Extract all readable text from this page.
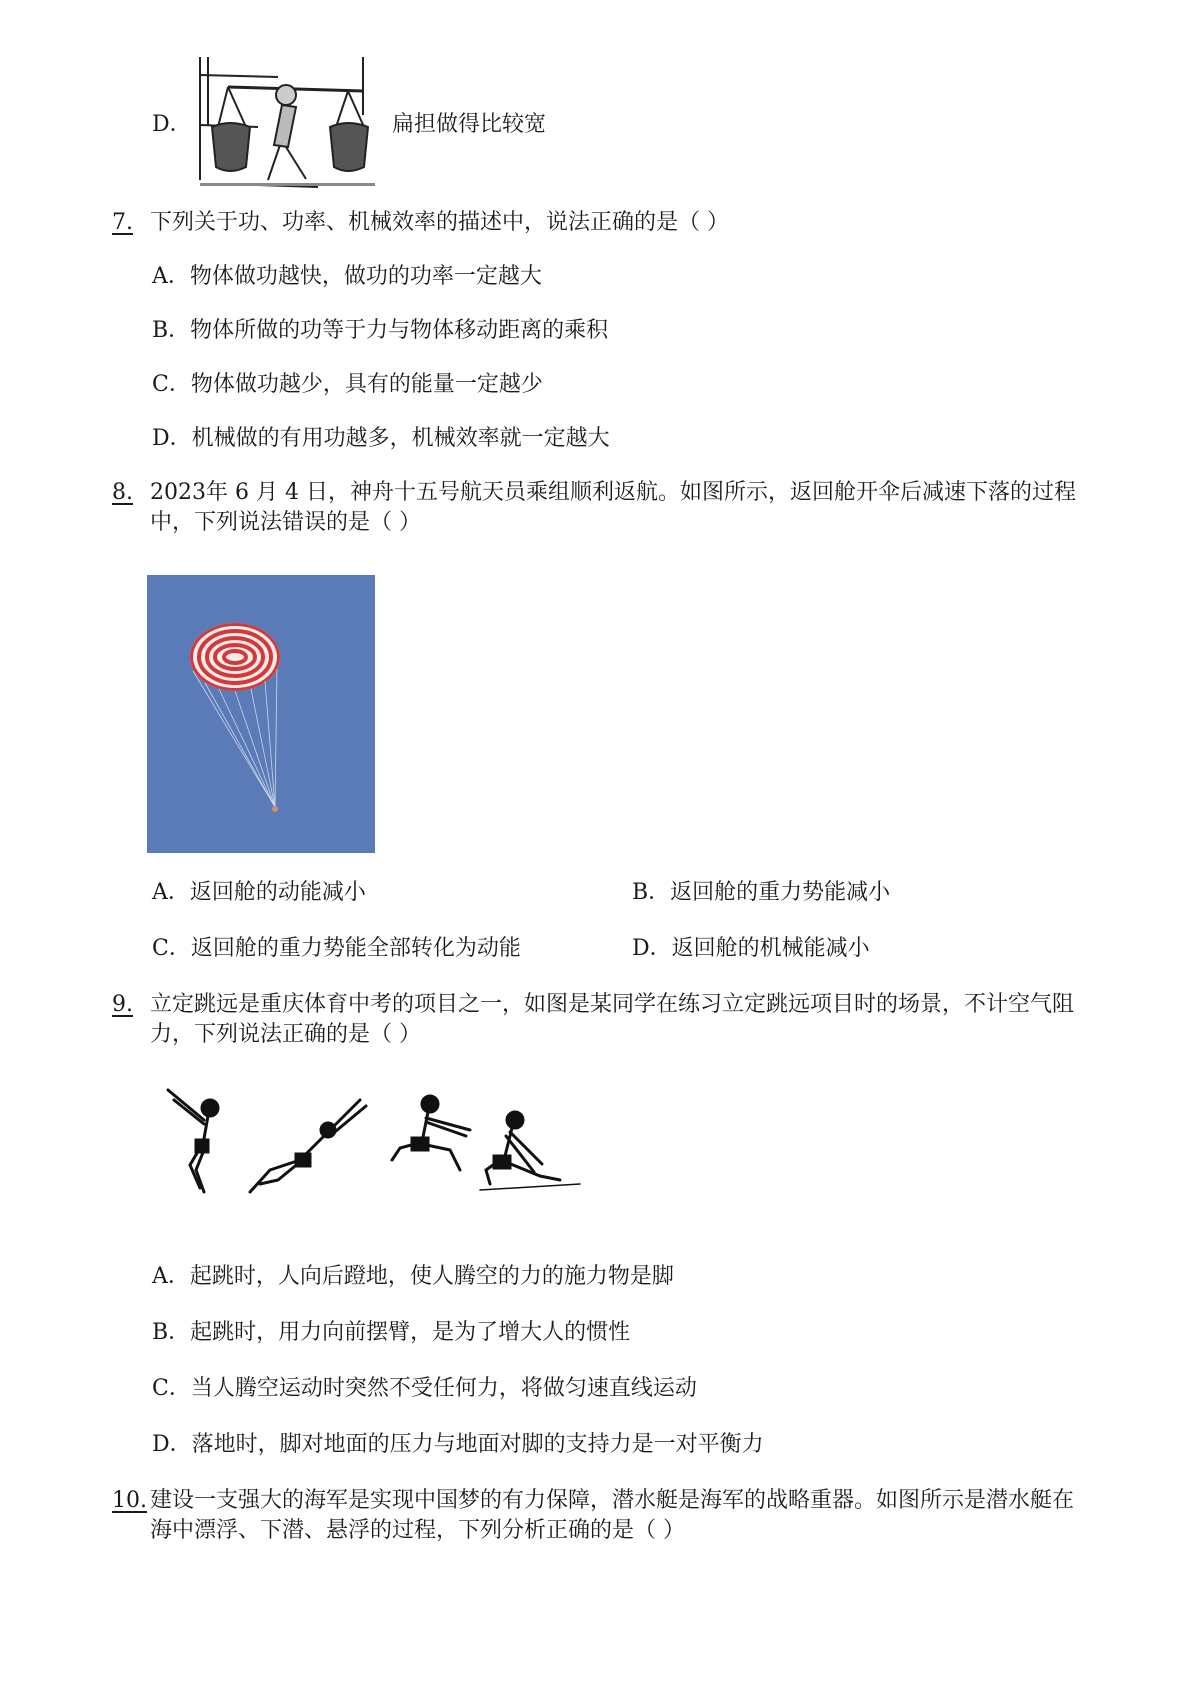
D．	扁担做得比较宽
7. 下列关于功、功率、机械效率的描述中，说法正确的是（ ）
A．物体做功越快，做功的功率一定越大
B．物体所做的功等于力与物体移动距离的乘积
C．物体做功越少，具有的能量一定越少
D．机械做的有用功越多，机械效率就一定越大
8. 2023年 6 月 4 日，神舟十五号航天员乘组顺利返航。如图所示，返回舱开伞后减速下落的过程中，下列说法错误的是（ ）
A．返回舱的动能减小	B．返回舱的重力势能减小
C．返回舱的重力势能全部转化为动能	D．返回舱的机械能减小
9. 立定跳远是重庆体育中考的项目之一，如图是某同学在练习立定跳远项目时的场景，不计空气阻力，下列说法正确的是（ ）
A．起跳时，人向后蹬地，使人腾空的力的施力物是脚
B．起跳时，用力向前摆臂，是为了增大人的惯性
C．当人腾空运动时突然不受任何力，将做匀速直线运动
D．落地时，脚对地面的压力与地面对脚的支持力是一对平衡力
10. 建设一支强大的海军是实现中国梦的有力保障，潜水艇是海军的战略重器。如图所示是潜水艇在海中漂浮、下潜、悬浮的过程，下列分析正确的是（ ）
